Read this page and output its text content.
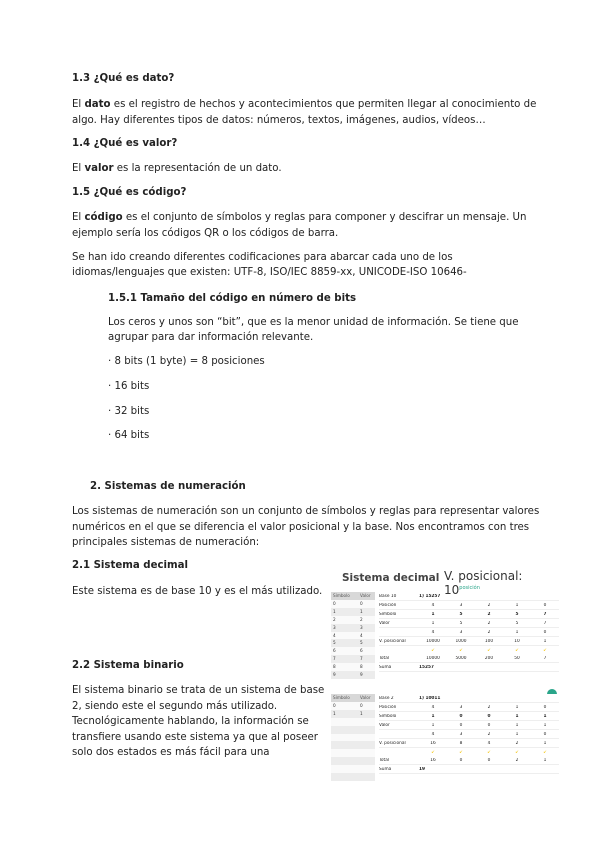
1.3 ¿Qué es dato?
El dato es el registro de hechos y acontecimientos que permiten llegar al conocimiento de
algo. Hay diferentes tipos de datos: números, textos, imágenes, audios, vídeos…
1.4 ¿Qué es valor?
El valor es la representación de un dato.
1.5 ¿Qué es código?
El código es el conjunto de símbolos y reglas para componer y descifrar un mensaje. Un
ejemplo sería los códigos QR o los códigos de barra.
Se han ido creando diferentes codificaciones para abarcar cada uno de los
idiomas/lenguajes que existen: UTF-8, ISO/IEC 8859-xx, UNICODE-ISO 10646-
1.5.1 Tamaño del código en número de bits
Los ceros y unos son “bit”, que es la menor unidad de información. Se tiene que
agrupar para dar información relevante.
· 8 bits (1 byte) = 8 posiciones
· 16 bits
· 32 bits
· 64 bits
2. Sistemas de numeración
Los sistemas de numeración son un conjunto de símbolos y reglas para representar valores
numéricos en el que se diferencia el valor posicional y la base. Nos encontramos con tres
principales sistemas de numeración:
2.1 Sistema decimal
Este sistema es de base 10 y es el más utilizado.
2.2 Sistema binario
El sistema binario se trata de un sistema de base
2, siendo este el segundo más utilizado.
Tecnológicamente hablando, la información se
transfiere usando este sistema ya que al poseer
solo dos estados es más fácil para una
Sistema decimal V. posicional: $10^{posición}$
Símbolo	Valor
0	0
1	1
2	2
3	3
4	4
5	5
6	6
7	7
8	8
9	9
Base 10	1) 15257
Posición	4	3	2	1	0
Símbolo	1	5	2	5	7
Valor	1	5	2	5	7
4	3	2	1	0
V. posicional	10000	1000	100	10	1
↙	↙	↙	↙	↙
Total	10000	5000	200	50	7
Suma	15257
Símbolo	Valor
0	0
1	1

Base 2	1) 10011
Posición	4	3	2	1	0
Símbolo	1	0	0	1	1
Valor	1	0	0	1	1
4	3	2	1	0
V. posicional	16	8	4	2	1
↙	↙	↙	↙	↙
Total	16	0	0	2	1
Suma	19
